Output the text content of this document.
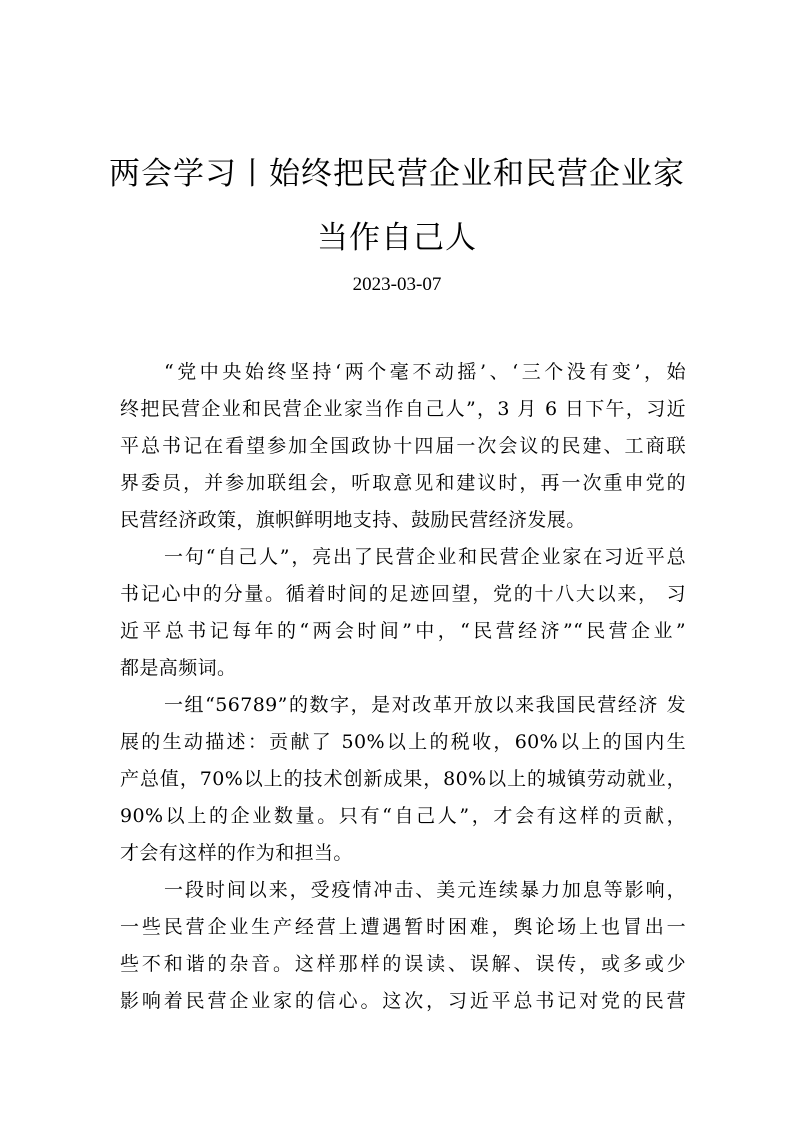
两会学习丨始终把民营企业和民营企业家
当作自己人
2023-03-07
“党中央始终坚持‘两个毫不动摇’、‘三个没有变’，始
终把民营企业和民营企业家当作自己人”，3 月 6 日下午，习近
平总书记在看望参加全国政协十四届一次会议的民建、工商联
界委员，并参加联组会，听取意见和建议时，再一次重申党的
民营经济政策，旗帜鲜明地支持、鼓励民营经济发展。
一句“自己人”，亮出了民营企业和民营企业家在习近平总
书记心中的分量。循着时间的足迹回望，党的十八大以来， 习
近平总书记每年的“两会时间”中，“民营经济”“民营企业”
都是高频词。
一组“56789”的数字，是对改革开放以来我国民营经济 发
展的生动描述：贡献了 50%以上的税收，60%以上的国内生
产总值，70%以上的技术创新成果，80%以上的城镇劳动就业，
90%以上的企业数量。只有“自己人”，才会有这样的贡献，
才会有这样的作为和担当。
一段时间以来，受疫情冲击、美元连续暴力加息等影响，
一些民营企业生产经营上遭遇暂时困难，舆论场上也冒出一
些不和谐的杂音。这样那样的误读、误解、误传，或多或少
影响着民营企业家的信心。这次，习近平总书记对党的民营
